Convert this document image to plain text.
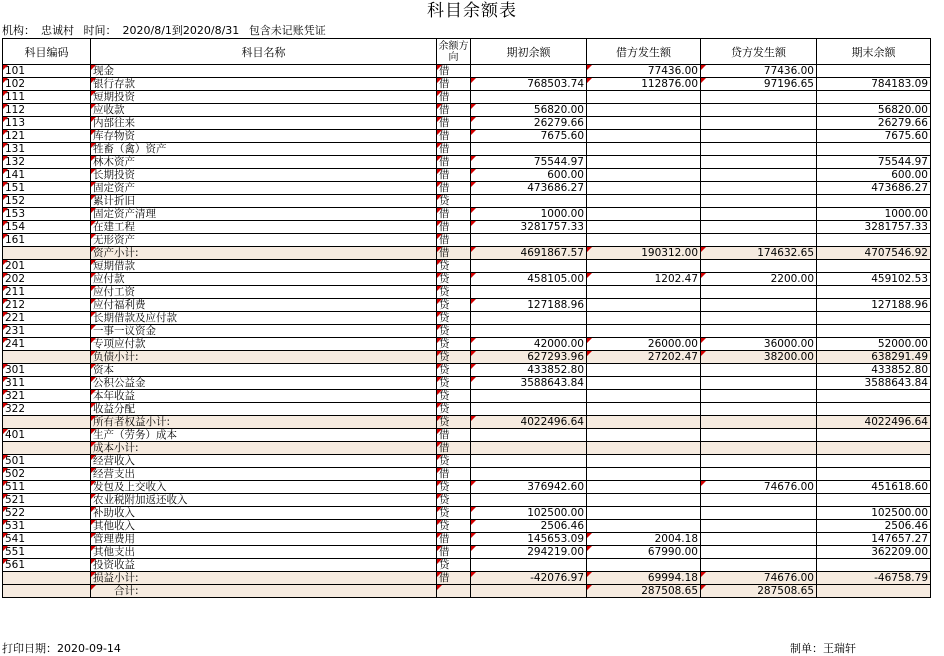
科目余额表
机构： 忠诚村 时间： 2020/8/1到2020/8/31 包含未记账凭证
科目编码	科目名称	余额方向	期初余额	借方发生额	贷方发生额	期末余额
101	现金	借		77436.00	77436.00	
102	银行存款	借	768503.74	112876.00	97196.65	784183.09
111	短期投资	借				
112	应收款	借	56820.00			56820.00
113	内部往来	借	26279.66			26279.66
121	库存物资	借	7675.60			7675.60
131	牲畜（禽）资产	借				
132	林木资产	借	75544.97			75544.97
141	长期投资	借	600.00			600.00
151	固定资产	借	473686.27			473686.27
152	累计折旧	贷				
153	固定资产清理	借	1000.00			1000.00
154	在建工程	借	3281757.33			3281757.33
161	无形资产	借				
	资产小计:	借	4691867.57	190312.00	174632.65	4707546.92
201	短期借款	贷				
202	应付款	贷	458105.00	1202.47	2200.00	459102.53
211	应付工资	贷				
212	应付福利费	贷	127188.96			127188.96
221	长期借款及应付款	贷				
231	一事一议资金	贷				
241	专项应付款	贷	42000.00	26000.00	36000.00	52000.00
	负债小计:	贷	627293.96	27202.47	38200.00	638291.49
301	资本	贷	433852.80			433852.80
311	公积公益金	贷	3588643.84			3588643.84
321	本年收益	贷				
322	收益分配	贷				
	所有者权益小计:	贷	4022496.64			4022496.64
401	生产（劳务）成本	借				
	成本小计:	借				
501	经营收入	贷				
502	经营支出	借				
511	发包及上交收入	贷	376942.60		74676.00	451618.60
521	农业税附加返还收入	贷				
522	补助收入	贷	102500.00			102500.00
531	其他收入	贷	2506.46			2506.46
541	管理费用	借	145653.09	2004.18		147657.27
551	其他支出	借	294219.00	67990.00		362209.00
561	投资收益	贷				
	损益小计:	借	-42076.97	69994.18	74676.00	-46758.79
	　　合计:			287508.65	287508.65	
打印日期：2020-09-14	制单：王瑞轩
